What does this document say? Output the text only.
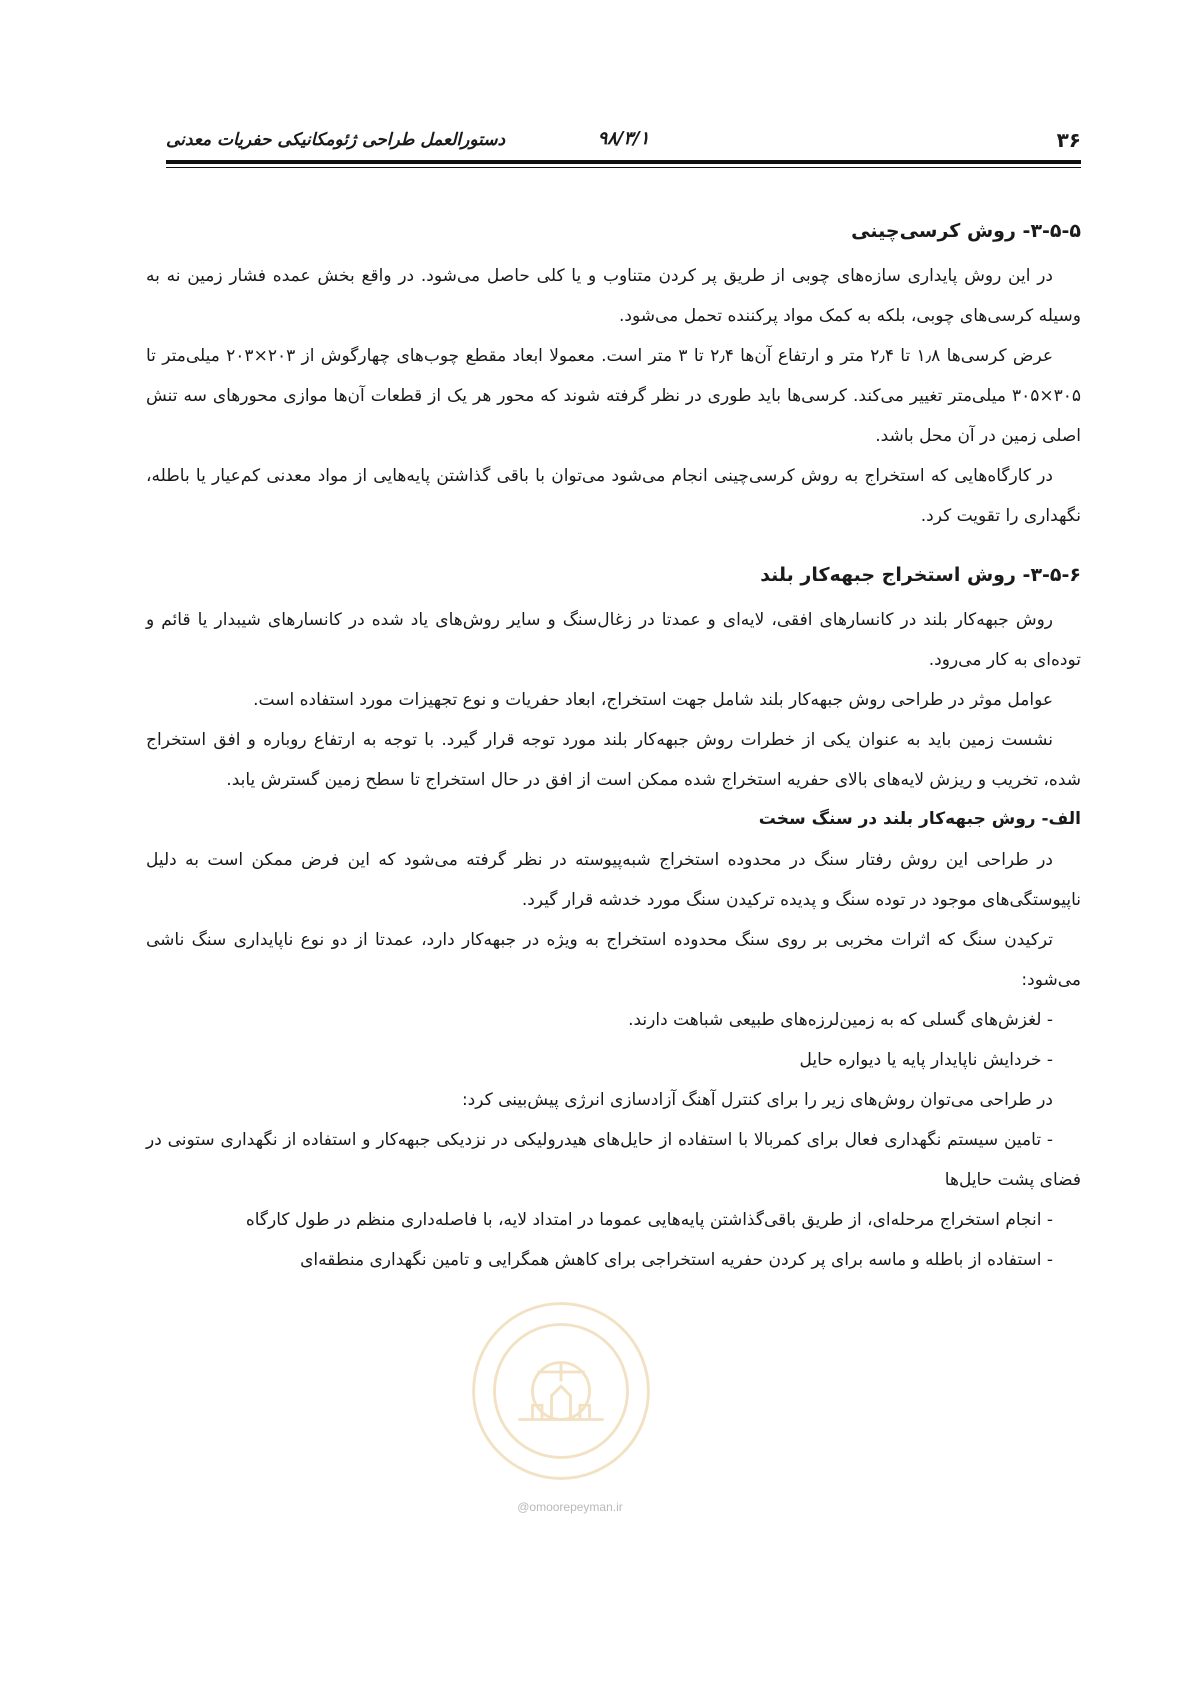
۳۶
۹۸/۳/۱
دستورالعمل طراحی ژئومکانیکی حفریات معدنی
۳-۵-۵- روش کرسی‌چینی

در این روش پایداری سازه‌های چوبی از طریق پر کردن متناوب و یا کلی حاصل می‌شود. در واقع بخش عمده فشار زمین نه به وسیله کرسی‌های چوبی، بلکه به کمک مواد پرکننده تحمل می‌شود.

عرض کرسی‌ها ۱٫۸ تا ۲٫۴ متر و ارتفاع آن‌ها ۲٫۴ تا ۳ متر است. معمولا ابعاد مقطع چوب‌های چهارگوش از ۲۰۳×۲۰۳ میلی‌متر تا ۳۰۵×۳۰۵ میلی‌متر تغییر می‌کند. کرسی‌ها باید طوری در نظر گرفته شوند که محور هر یک از قطعات آن‌ها موازی محورهای سه تنش اصلی زمین در آن محل باشد.

در کارگاه‌هایی که استخراج به روش کرسی‌چینی انجام می‌شود می‌توان با باقی گذاشتن پایه‌هایی از مواد معدنی کم‌عیار یا باطله، نگهداری را تقویت کرد.

۳-۵-۶- روش استخراج جبهه‌کار بلند

روش جبهه‌کار بلند در کانسارهای افقی، لایه‌ای و عمدتا در زغال‌سنگ و سایر روش‌های یاد شده در کانسارهای شیبدار یا قائم و توده‌ای به کار می‌رود.

عوامل موثر در طراحی روش جبهه‌کار بلند شامل جهت استخراج، ابعاد حفریات و نوع تجهیزات مورد استفاده است.

نشست زمین باید به عنوان یکی از خطرات روش جبهه‌کار بلند مورد توجه قرار گیرد. با توجه به ارتفاع روباره و افق استخراج شده، تخریب و ریزش لایه‌های بالای حفریه استخراج شده ممکن است از افق در حال استخراج تا سطح زمین گسترش یابد.

الف- روش جبهه‌کار بلند در سنگ سخت

در طراحی این روش رفتار سنگ در محدوده استخراج شبه‌پیوسته در نظر گرفته می‌شود که این فرض ممکن است به دلیل ناپیوستگی‌های موجود در توده سنگ و پدیده ترکیدن سنگ مورد خدشه قرار گیرد.

ترکیدن سنگ که اثرات مخربی بر روی سنگ محدوده استخراج به ویژه در جبهه‌کار دارد، عمدتا از دو نوع ناپایداری سنگ ناشی می‌شود:

- لغزش‌های گسلی که به زمین‌لرزه‌های طبیعی شباهت دارند.

- خردایش ناپایدار پایه یا دیواره حایل

در طراحی می‌توان روش‌های زیر را برای کنترل آهنگ آزادسازی انرژی پیش‌بینی کرد:

- تامین سیستم نگهداری فعال برای کمربالا با استفاده از حایل‌های هیدرولیکی در نزدیکی جبهه‌کار و استفاده از نگهداری ستونی در فضای پشت حایل‌ها

- انجام استخراج مرحله‌ای، از طریق باقی‌گذاشتن پایه‌هایی عموما در امتداد لایه، با فاصله‌داری منظم در طول کارگاه

- استفاده از باطله و ماسه برای پر کردن حفریه استخراجی برای کاهش همگرایی و تامین نگهداری منطقه‌ای

@omoorepeyman.ir
